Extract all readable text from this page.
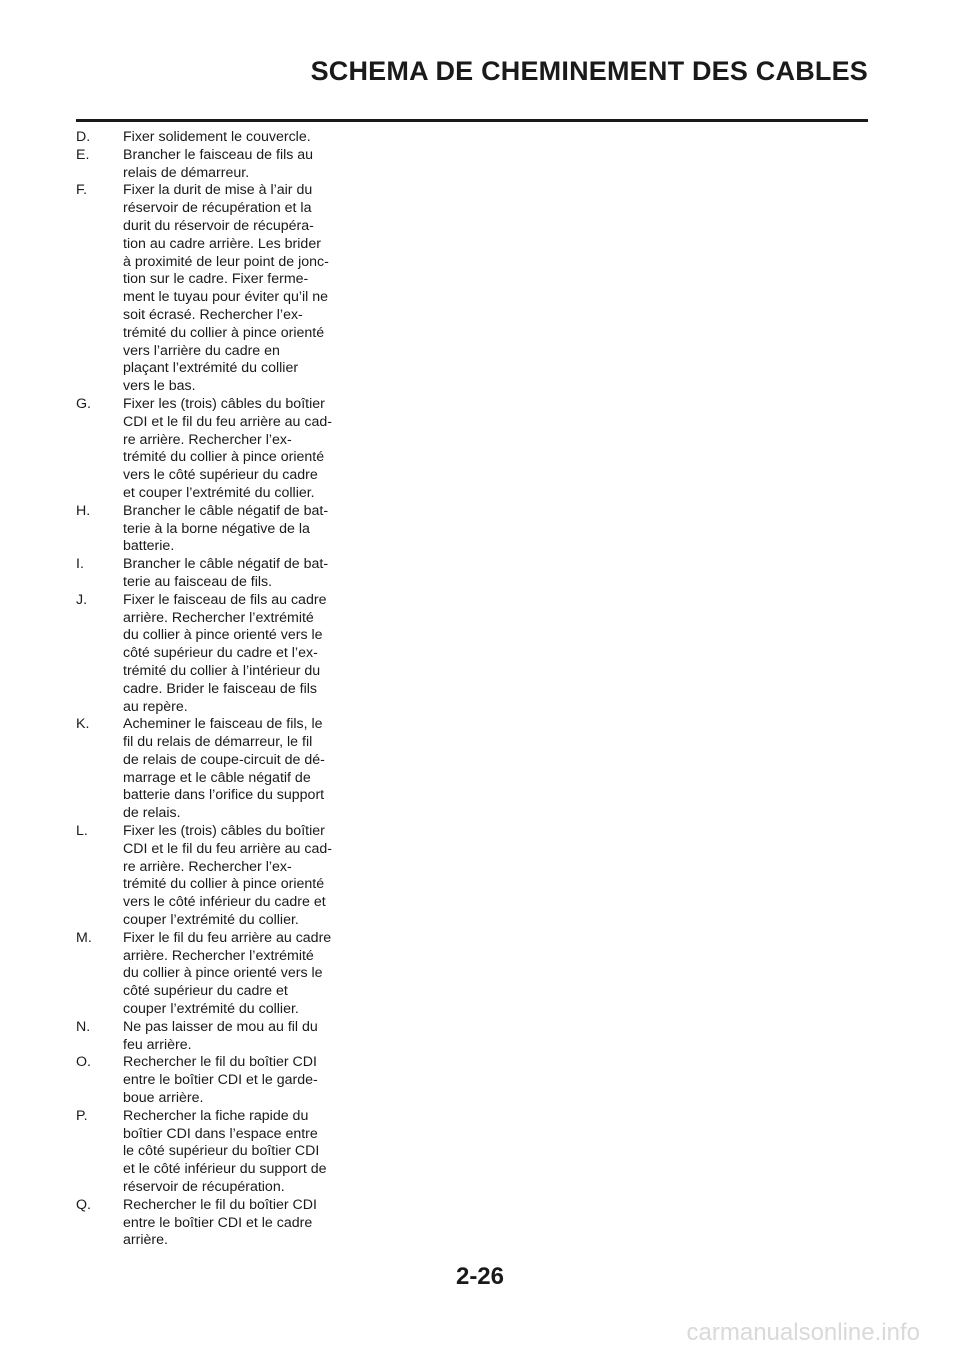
SCHEMA DE CHEMINEMENT DES CABLES
D. Fixer solidement le couvercle.
E. Brancher le faisceau de fils au
relais de démarreur.
F.	Fixer la durit de mise à l’air du
réservoir de récupération et la
durit du réservoir de récupéra-
tion au cadre arrière. Les brider
à proximité de leur point de jonc-
tion sur le cadre. Fixer ferme-
ment le tuyau pour éviter qu’il ne
soit écrasé. Rechercher l’ex-
trémité du collier à pince orienté
vers l’arrière du cadre en
plaçant l’extrémité du collier
vers le bas.
G. Fixer les (trois) câbles du boîtier
CDI et le fil du feu arrière au cad-
re arrière. Rechercher l’ex-
trémité du collier à pince orienté
vers le côté supérieur du cadre
et couper l’extrémité du collier.
H. Brancher le câble négatif de bat-
terie à la borne négative de la
batterie.
I.	Brancher le câble négatif de bat-
terie au faisceau de fils.
J.	Fixer le faisceau de fils au cadre
arrière. Rechercher l’extrémité
du collier à pince orienté vers le
côté supérieur du cadre et l’ex-
trémité du collier à l’intérieur du
cadre. Brider le faisceau de fils
au repère.
K. Acheminer le faisceau de fils, le
fil du relais de démarreur, le fil
de relais de coupe-circuit de dé-
marrage et le câble négatif de
batterie dans l’orifice du support
de relais.
L. Fixer les (trois) câbles du boîtier
CDI et le fil du feu arrière au cad-
re arrière. Rechercher l’ex-
trémité du collier à pince orienté
vers le côté inférieur du cadre et
couper l’extrémité du collier.
M. Fixer le fil du feu arrière au cadre
arrière. Rechercher l’extrémité
du collier à pince orienté vers le
côté supérieur du cadre et
couper l’extrémité du collier.
N. Ne pas laisser de mou au fil du
feu arrière.
O. Rechercher le fil du boîtier CDI
entre le boîtier CDI et le garde-
boue arrière.
P. Rechercher la fiche rapide du
boîtier CDI dans l’espace entre
le côté supérieur du boîtier CDI
et le côté inférieur du support de
réservoir de récupération.
Q. Rechercher le fil du boîtier CDI
entre le boîtier CDI et le cadre
arrière.
2-26
carmanualsonline.info
